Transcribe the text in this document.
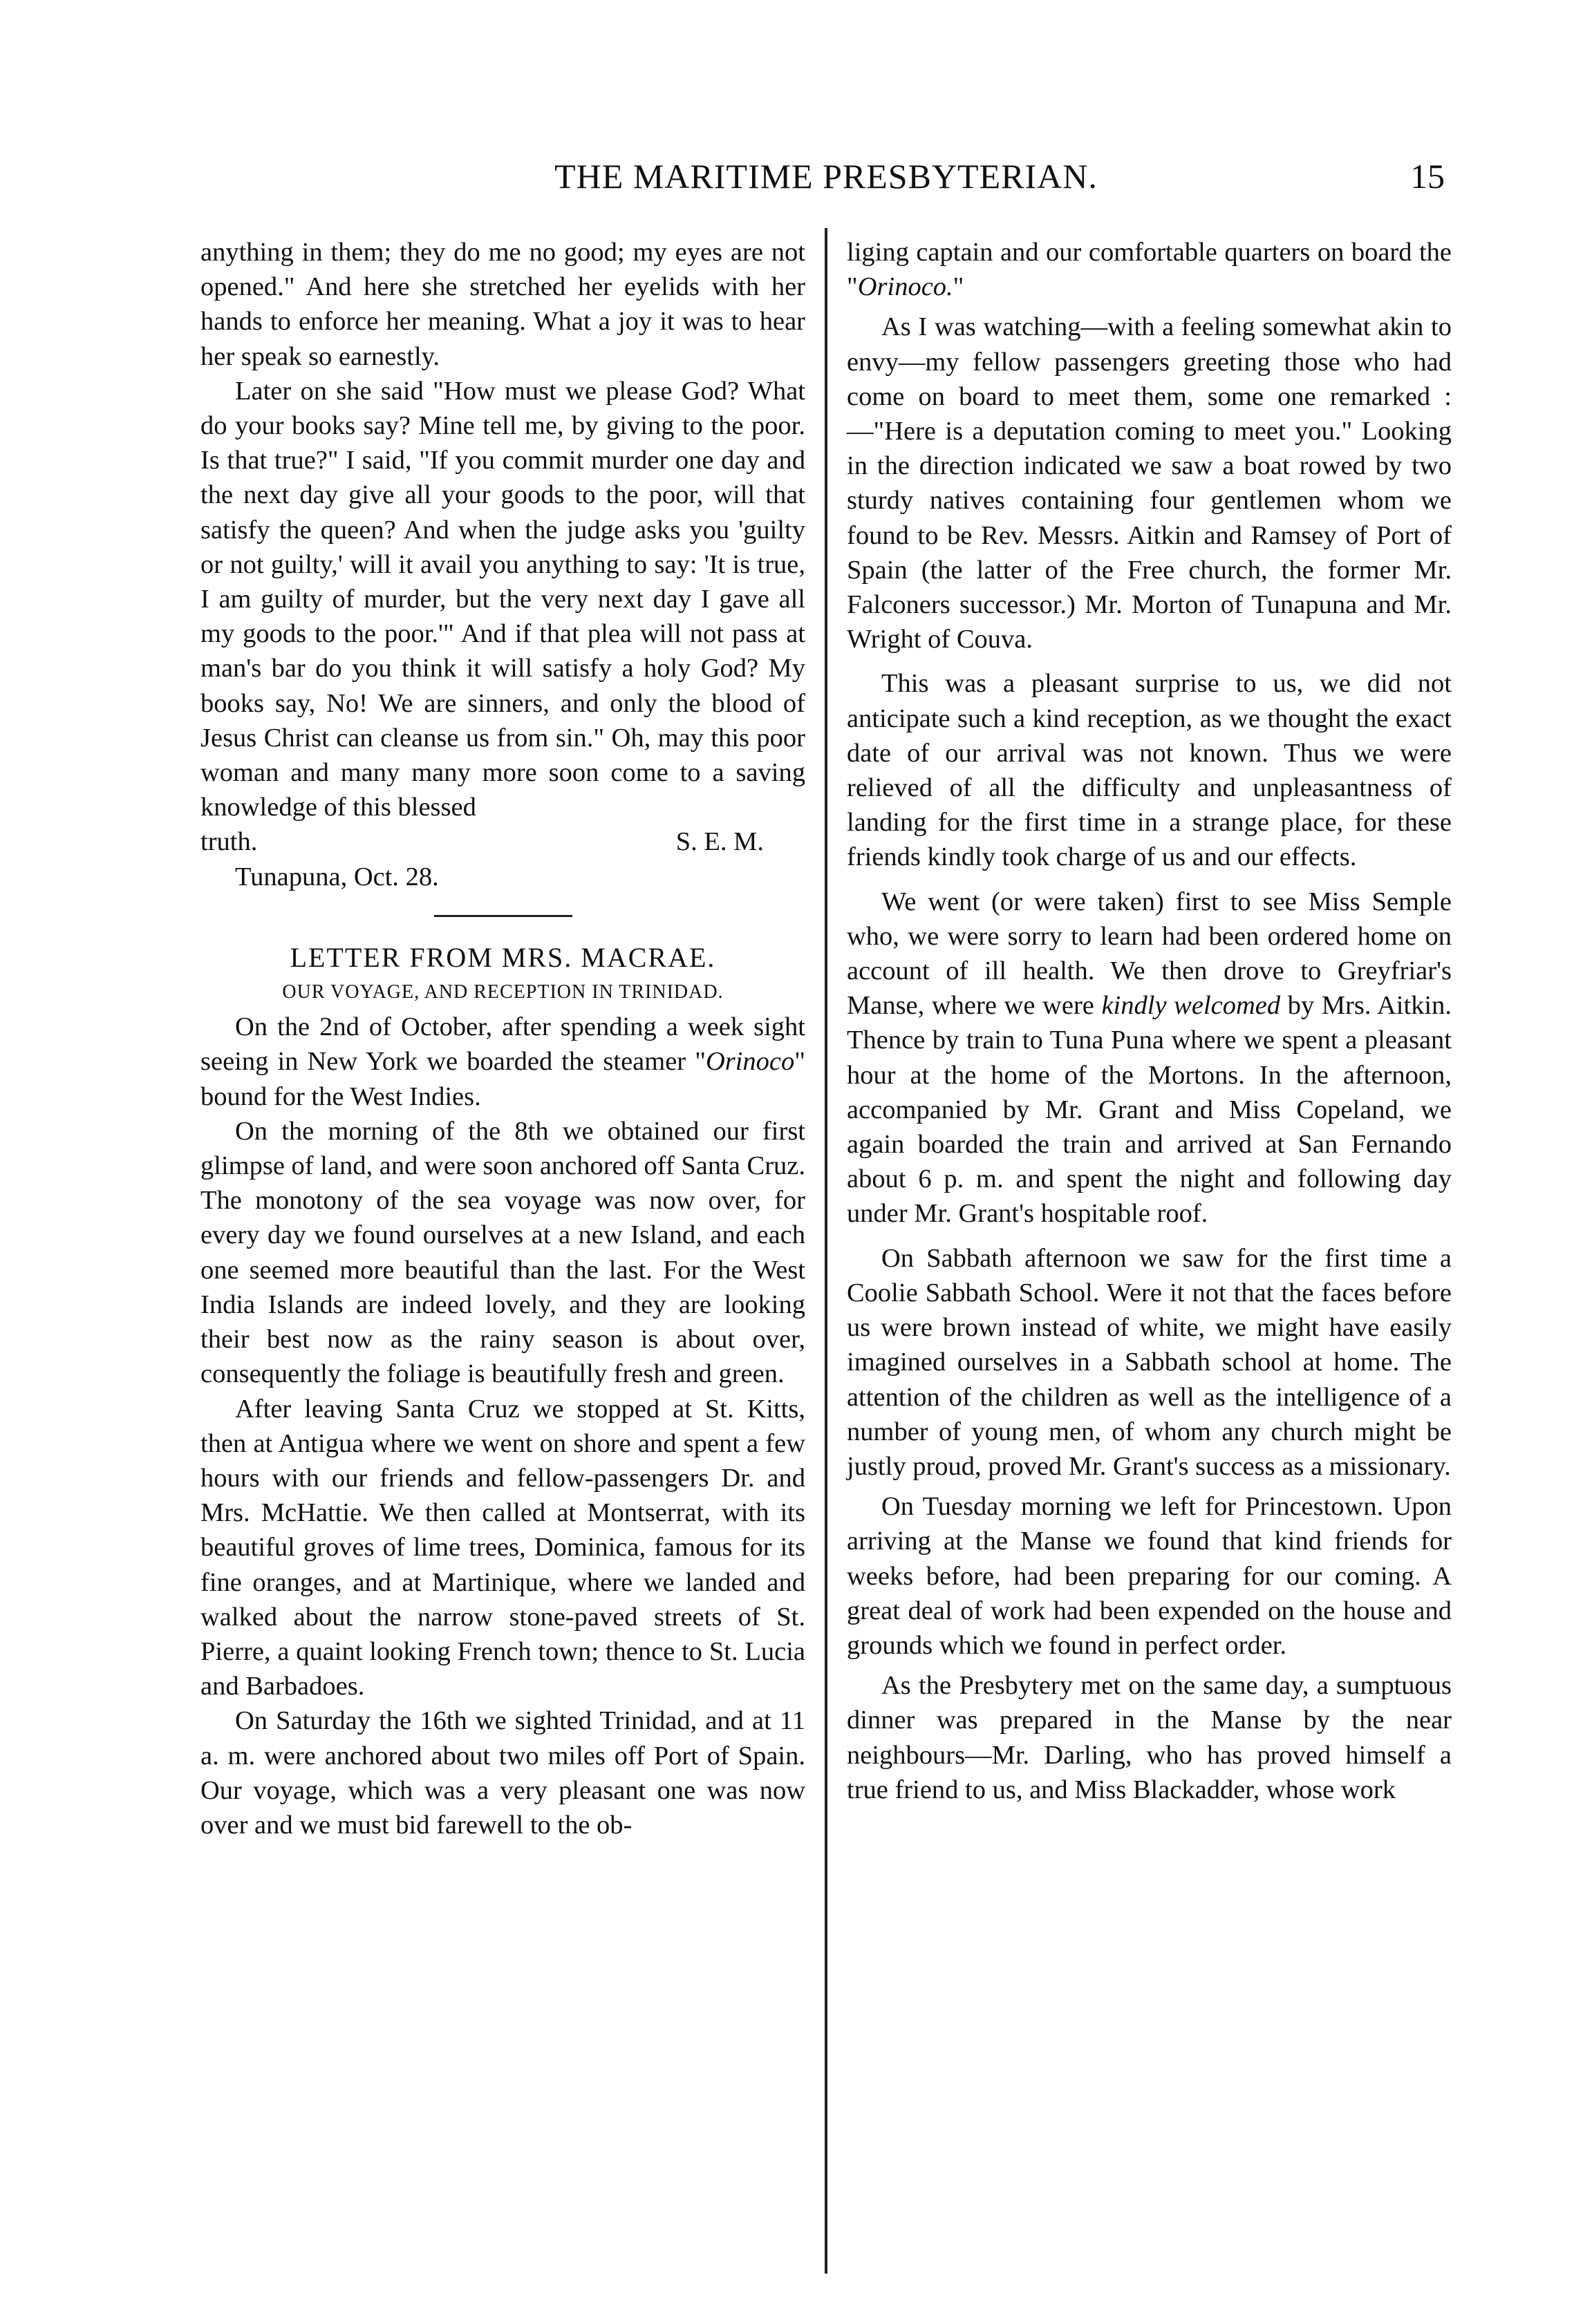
THE MARITIME PRESBYTERIAN.	15

anything in them; they do me no good; my eyes are not opened." And here she stretched her eyelids with her hands to enforce her meaning. What a joy it was to hear her speak so earnestly.

Later on she said "How must we please God? What do your books say? Mine tell me, by giving to the poor. Is that true?" I said, "If you commit murder one day and the next day give all your goods to the poor, will that satisfy the queen? And when the judge asks you 'guilty or not guilty,' will it avail you anything to say: 'It is true, I am guilty of murder, but the very next day I gave all my goods to the poor.'" And if that plea will not pass at man's bar do you think it will satisfy a holy God? My books say, No! We are sinners, and only the blood of Jesus Christ can cleanse us from sin." Oh, may this poor woman and many many more soon come to a saving knowledge of this blessed

truth.	S. E. M.

Tunapuna, Oct. 28.

LETTER FROM MRS. MACRAE.

OUR VOYAGE, AND RECEPTION IN TRINIDAD.

On the 2nd of October, after spending a week sight seeing in New York we boarded the steamer "Orinoco" bound for the West Indies.

On the morning of the 8th we obtained our first glimpse of land, and were soon anchored off Santa Cruz. The monotony of the sea voyage was now over, for every day we found ourselves at a new Island, and each one seemed more beautiful than the last. For the West India Islands are indeed lovely, and they are looking their best now as the rainy season is about over, consequently the foliage is beautifully fresh and green.

After leaving Santa Cruz we stopped at St. Kitts, then at Antigua where we went on shore and spent a few hours with our friends and fellow-passengers Dr. and Mrs. McHattie. We then called at Montserrat, with its beautiful groves of lime trees, Dominica, famous for its fine oranges, and at Martinique, where we landed and walked about the narrow stone-paved streets of St. Pierre, a quaint looking French town; thence to St. Lucia and Barbadoes.

On Saturday the 16th we sighted Trinidad, and at 11 a. m. were anchored about two miles off Port of Spain. Our voyage, which was a very pleasant one was now over and we must bid farewell to the ob-

liging captain and our comfortable quarters on board the "Orinoco."

As I was watching—with a feeling somewhat akin to envy—my fellow passengers greeting those who had come on board to meet them, some one remarked :—"Here is a deputation coming to meet you." Looking in the direction indicated we saw a boat rowed by two sturdy natives containing four gentlemen whom we found to be Rev. Messrs. Aitkin and Ramsey of Port of Spain (the latter of the Free church, the former Mr. Falconers successor.) Mr. Morton of Tunapuna and Mr. Wright of Couva.

This was a pleasant surprise to us, we did not anticipate such a kind reception, as we thought the exact date of our arrival was not known. Thus we were relieved of all the difficulty and unpleasantness of landing for the first time in a strange place, for these friends kindly took charge of us and our effects.

We went (or were taken) first to see Miss Semple who, we were sorry to learn had been ordered home on account of ill health. We then drove to Greyfriar's Manse, where we were kindly welcomed by Mrs. Aitkin. Thence by train to Tuna Puna where we spent a pleasant hour at the home of the Mortons. In the afternoon, accompanied by Mr. Grant and Miss Copeland, we again boarded the train and arrived at San Fernando about 6 p. m. and spent the night and following day under Mr. Grant's hospitable roof.

On Sabbath afternoon we saw for the first time a Coolie Sabbath School. Were it not that the faces before us were brown instead of white, we might have easily imagined ourselves in a Sabbath school at home. The attention of the children as well as the intelligence of a number of young men, of whom any church might be justly proud, proved Mr. Grant's success as a missionary.

On Tuesday morning we left for Princestown. Upon arriving at the Manse we found that kind friends for weeks before, had been preparing for our coming. A great deal of work had been expended on the house and grounds which we found in perfect order.

As the Presbytery met on the same day, a sumptuous dinner was prepared in the Manse by the near neighbours—Mr. Darling, who has proved himself a true friend to us, and Miss Blackadder, whose work
